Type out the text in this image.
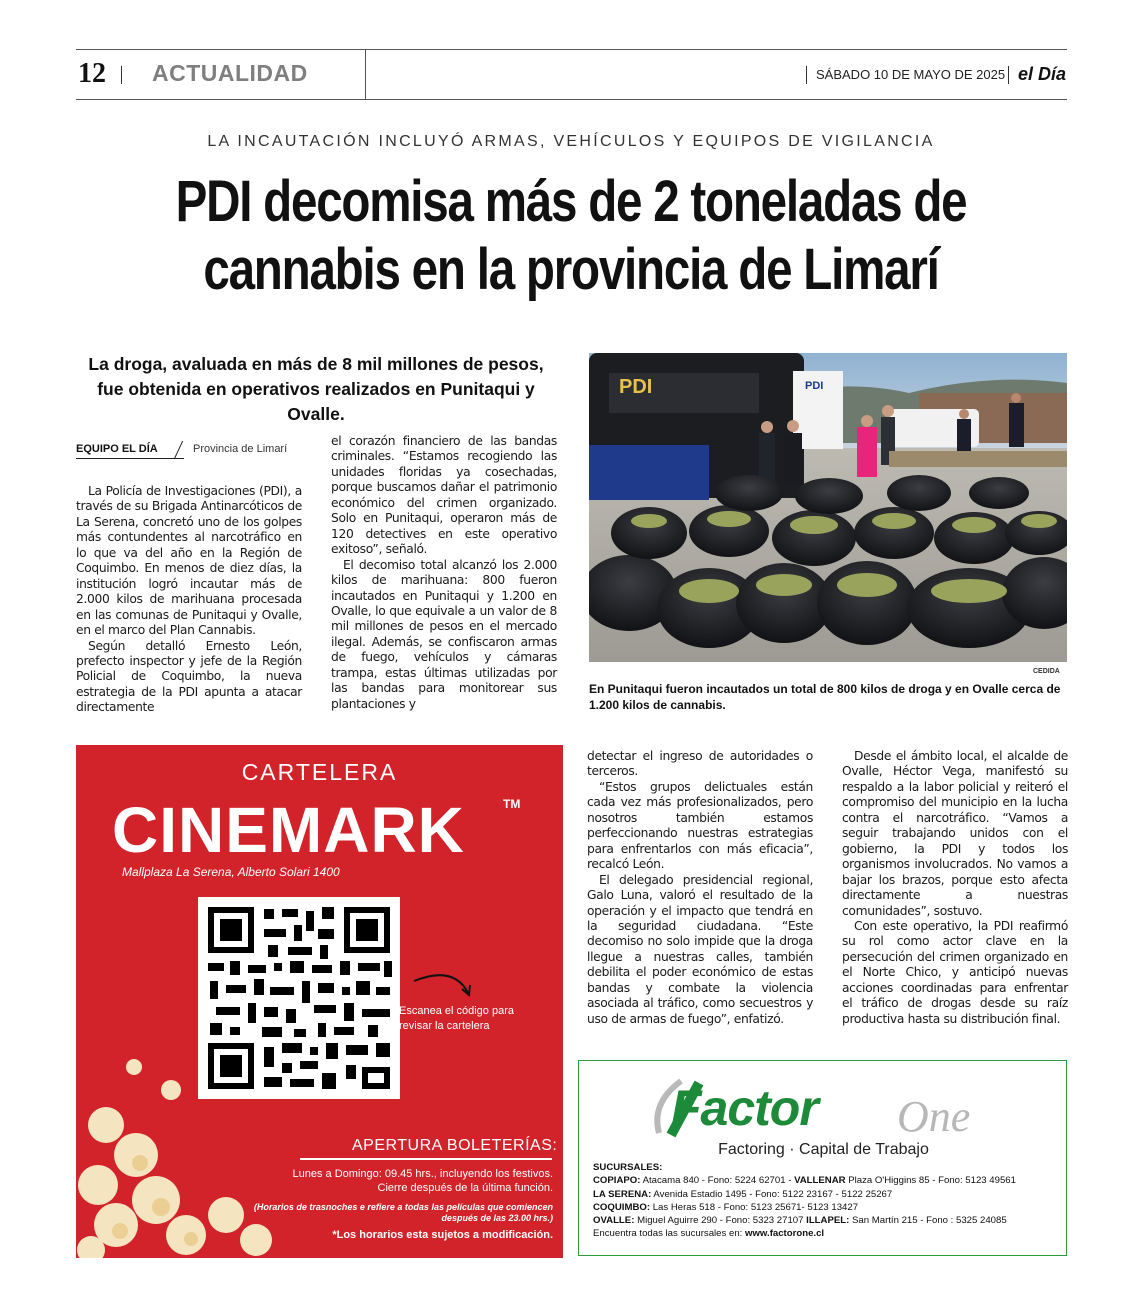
12 ACTUALIDAD	SÁBADO 10 DE MAYO DE 2025 el Día
LA INCAUTACIÓN INCLUYÓ ARMAS, VEHÍCULOS Y EQUIPOS DE VIGILANCIA
PDI decomisa más de 2 toneladas de
cannabis en la provincia de Limarí
La droga, avaluada en más de 8 mil millones de pesos, fue obtenida en operativos realizados en Punitaqui y Ovalle.
EQUIPO EL DÍA	Provincia de Limarí

La Policía de Investigaciones (PDI), a través de su Brigada Antinarcóticos de La Serena, concretó uno de los golpes más contundentes al narcotráfico en lo que va del año en la Región de Coquimbo. En menos de diez días, la institución logró incautar más de 2.000 kilos de marihuana procesada en las comunas de Punitaqui y Ovalle, en el marco del Plan Cannabis.

Según detalló Ernesto León, prefecto inspector y jefe de la Región Policial de Coquimbo, la nueva estrategia de la PDI apunta a atacar directamente

el corazón financiero de las bandas criminales. “Estamos recogiendo las unidades floridas ya cosechadas, porque buscamos dañar el patrimonio económico del crimen organizado. Solo en Punitaqui, operaron más de 120 detectives en este operativo exitoso”, señaló.

El decomiso total alcanzó los 2.000 kilos de marihuana: 800 fueron incautados en Punitaqui y 1.200 en Ovalle, lo que equivale a un valor de 8 mil millones de pesos en el mercado ilegal. Además, se confiscaron armas de fuego, vehículos y cámaras trampa, estas últimas utilizadas por las bandas para monitorear sus plantaciones y

detectar el ingreso de autoridades o terceros.

“Estos grupos delictuales están cada vez más profesionalizados, pero nosotros también estamos perfeccionando nuestras estrategias para enfrentarlos con más eficacia”, recalcó León.

El delegado presidencial regional, Galo Luna, valoró el resultado de la operación y el impacto que tendrá en la seguridad ciudadana. “Este decomiso no solo impide que la droga llegue a nuestras calles, también debilita el poder económico de estas bandas y combate la violencia asociada al tráfico, como secuestros y uso de armas de fuego”, enfatizó.

Desde el ámbito local, el alcalde de Ovalle, Héctor Vega, manifestó su respaldo a la labor policial y reiteró el compromiso del municipio en la lucha contra el narcotráfico. “Vamos a seguir trabajando unidos con el gobierno, la PDI y todos los organismos involucrados. No vamos a bajar los brazos, porque esto afecta directamente a nuestras comunidades”, sostuvo.

Con este operativo, la PDI reafirmó su rol como actor clave en la persecución del crimen organizado en el Norte Chico, y anticipó nuevas acciones coordinadas para enfrentar el tráfico de drogas desde su raíz productiva hasta su distribución final.

PDI	PDI
CEDIDA
En Punitaqui fueron incautados un total de 800 kilos de droga y en Ovalle cerca de 1.200 kilos de cannabis.
CARTELERA
CINEMARK	TM
Mallplaza La Serena, Alberto Solari 1400
Escanea el código para revisar la cartelera
APERTURA BOLETERÍAS:
Lunes a Domingo: 09.45 hrs., incluyendo los festivos.
Cierre después de la última función.
(Horarios de trasnoches e refiere a todas las películas que comiencen después de las 23.00 hrs.)
*Los horarios esta sujetos a modificación.
Factor One
Factoring · Capital de Trabajo
SUCURSALES:
COPIAPO: Atacama 840 - Fono: 5224 62701 - VALLENAR Plaza O'Higgins 85 - Fono: 5123 49561
LA SERENA: Avenida Estadio 1495 - Fono: 5122 23167 - 5122 25267
COQUIMBO: Las Heras 518 - Fono: 5123 25671- 5123 13427
OVALLE: Miguel Aguirre 290 - Fono: 5323 27107 ILLAPEL: San Martín 215 - Fono : 5325 24085
Encuentra todas las sucursales en: www.factorone.cl
